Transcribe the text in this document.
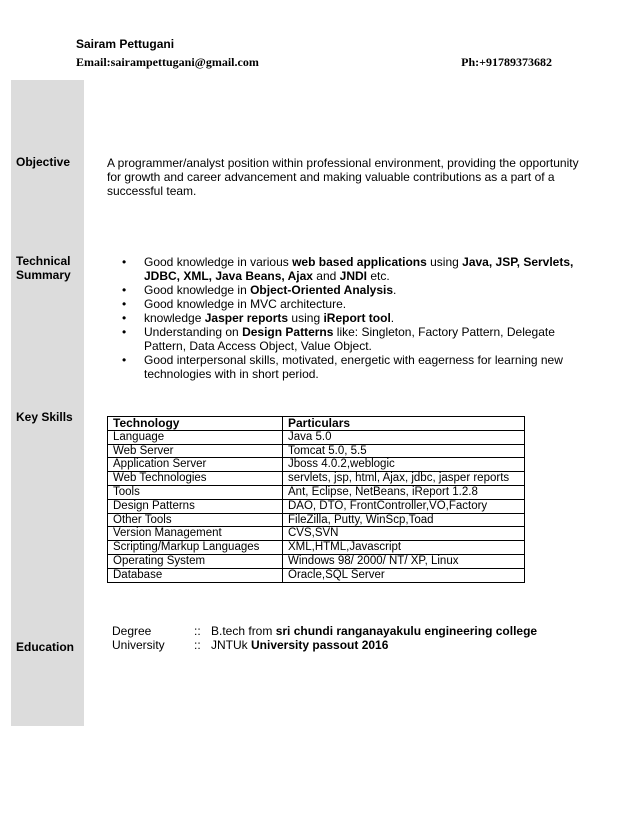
Sairam Pettugani
Email:sairampettugani@gmail.com	Ph:+91789373682
Objective
Technical
Summary
Key Skills
Education
A programmer/analyst position within professional environment, providing the opportunity for growth and career advancement and making valuable contributions as a part of a successful team.
• Good knowledge in various web based applications using Java, JSP, Servlets, JDBC, XML, Java Beans, Ajax and JNDI etc.
• Good knowledge in Object-Oriented Analysis.
• Good knowledge in MVC architecture.
• knowledge Jasper reports using iReport tool.
• Understanding on Design Patterns like: Singleton, Factory Pattern, Delegate Pattern, Data Access Object, Value Object.
• Good interpersonal skills, motivated, energetic with eagerness for learning new technologies with in short period.
Technology	Particulars
Language	Java 5.0
Web Server	Tomcat 5.0, 5.5
Application Server	Jboss 4.0.2,weblogic
Web Technologies	servlets, jsp, html, Ajax, jdbc, jasper reports
Tools	Ant, Eclipse, NetBeans, iReport 1.2.8
Design Patterns	DAO, DTO, FrontController,VO,Factory
Other Tools	FileZilla, Putty, WinScp,Toad
Version Management	CVS,SVN
Scripting/Markup Languages	XML,HTML,Javascript
Operating System	Windows 98/ 2000/ NT/ XP, Linux
Database	Oracle,SQL Server
Degree	:: B.tech from sri chundi ranganayakulu engineering college
University :: JNTUk University passout 2016
